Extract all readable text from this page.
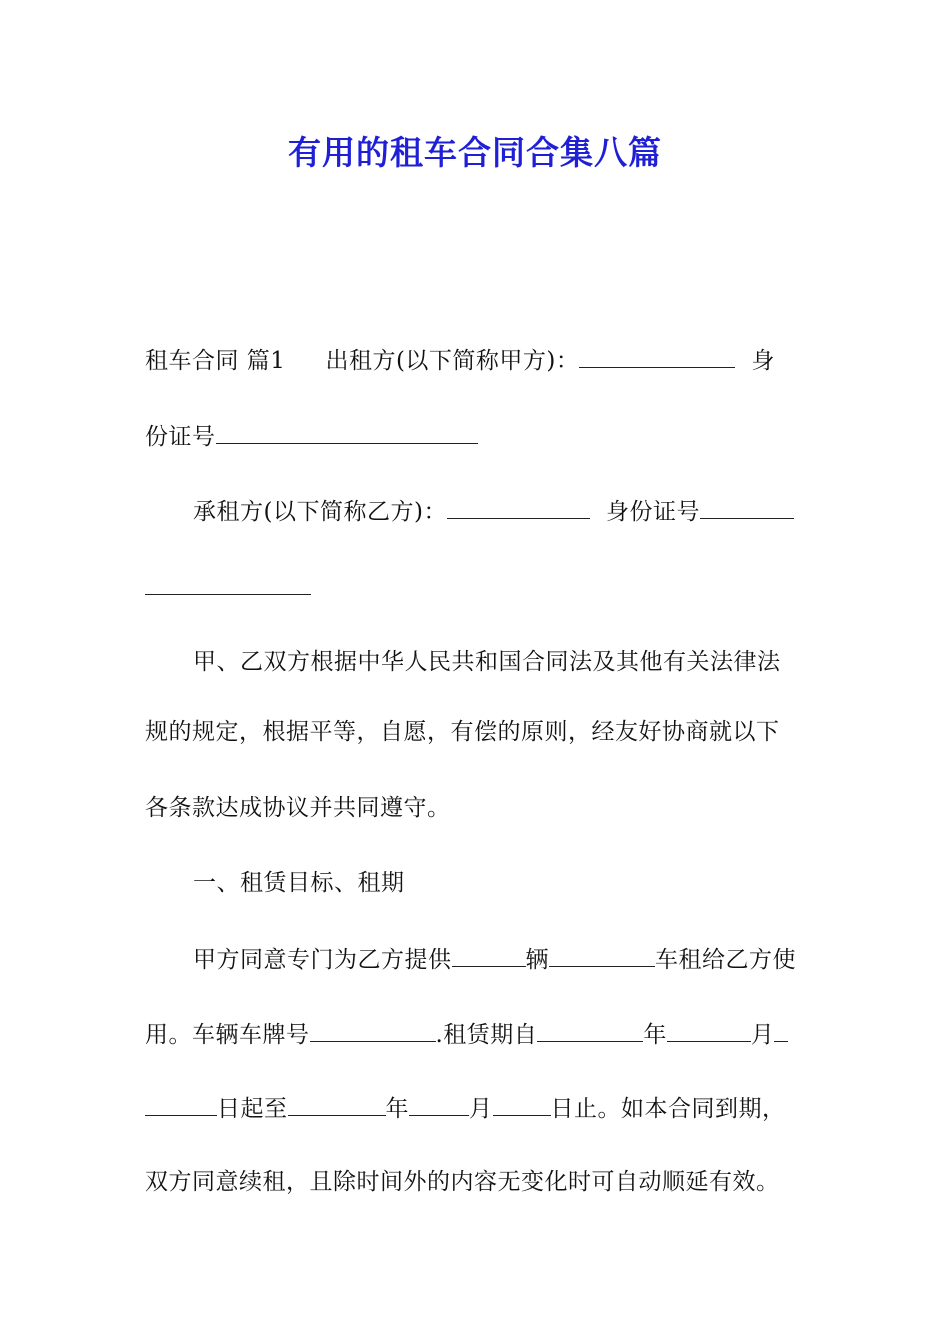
有用的租车合同合集八篇
租车合同 篇1 出租方(以下简称甲方)：	身
份证号
承租方(以下简称乙方)：	身份证号
甲、乙双方根据中华人民共和国合同法及其他有关法律法
规的规定，根据平等，自愿，有偿的原则，经友好协商就以下
各条款达成协议并共同遵守。
一、租赁目标、租期
甲方同意专门为乙方提供	辆	车租给乙方使
用。车辆车牌号	.租赁期自	年	月
日起至	年	月	日止。如本合同到期，
双方同意续租，且除时间外的内容无变化时可自动顺延有效。
